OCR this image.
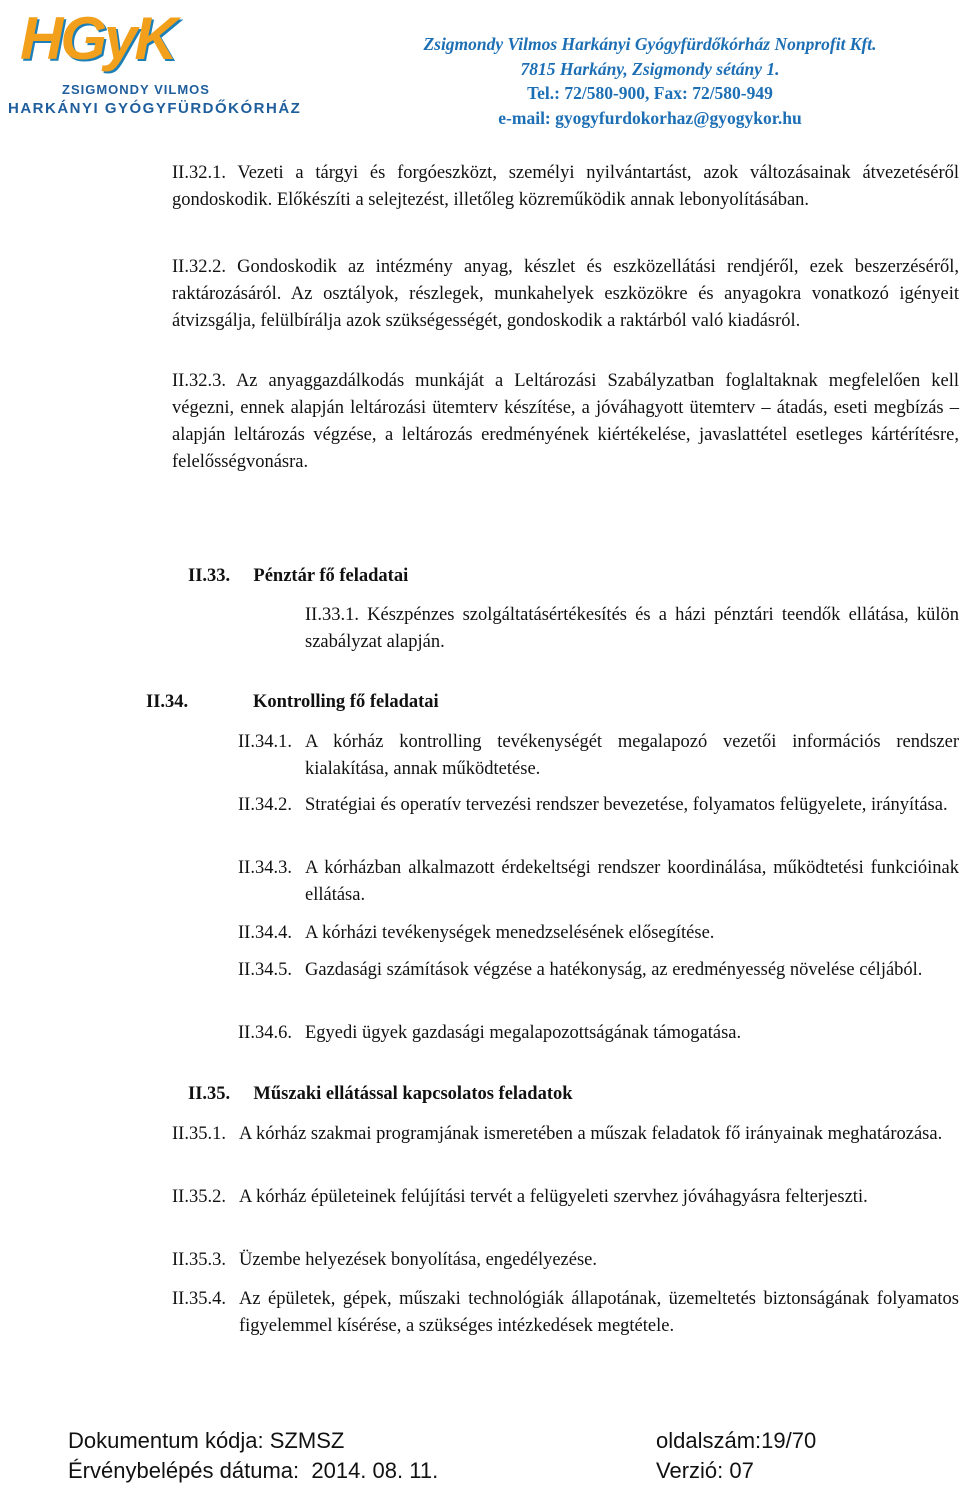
HGyK
ZSIGMONDY VILMOS
HARKÁNYI GYÓGYFÜRDŐKÓRHÁZ
Zsigmondy Vilmos Harkányi Gyógyfürdőkórház Nonprofit Kft.
7815 Harkány, Zsigmondy sétány 1.
Tel.: 72/580-900, Fax: 72/580-949
e-mail: gyogyfurdokorhaz@gyogykor.hu
II.32.1. Vezeti a tárgyi és forgóeszközt, személyi nyilvántartást, azok változásainak átvezetéséről gondoskodik. Előkészíti a selejtezést, illetőleg közreműködik annak lebonyolításában.
II.32.2. Gondoskodik az intézmény anyag, készlet és eszközellátási rendjéről, ezek beszerzéséről, raktározásáról. Az osztályok, részlegek, munkahelyek eszközökre és anyagokra vonatkozó igényeit átvizsgálja, felülbírálja azok szükségességét, gondoskodik a raktárból való kiadásról.
II.32.3. Az anyaggazdálkodás munkáját a Leltározási Szabályzatban foglaltaknak megfelelően kell végezni, ennek alapján leltározási ütemterv készítése, a jóváhagyott ütemterv – átadás, eseti megbízás – alapján leltározás végzése, a leltározás eredményének kiértékelése, javaslattétel esetleges kártérítésre, felelősségvonásra.
II.33. Pénztár fő feladatai
II.33.1. Készpénzes szolgáltatásértékesítés és a házi pénztári teendők ellátása, külön szabályzat alapján.
II.34.	Kontrolling fő feladatai
II.34.1. A kórház kontrolling tevékenységét megalapozó vezetői információs rendszer kialakítása, annak működtetése.
II.34.2. Stratégiai és operatív tervezési rendszer bevezetése, folyamatos felügyelete, irányítása.
II.34.3. A kórházban alkalmazott érdekeltségi rendszer koordinálása, működtetési funkcióinak ellátása.
II.34.4. A kórházi tevékenységek menedzselésének elősegítése.
II.34.5. Gazdasági számítások végzése a hatékonyság, az eredményesség növelése céljából.
II.34.6. Egyedi ügyek gazdasági megalapozottságának támogatása.
II.35. Műszaki ellátással kapcsolatos feladatok
II.35.1. A kórház szakmai programjának ismeretében a műszak feladatok fő irányainak meghatározása.
II.35.2. A kórház épületeinek felújítási tervét a felügyeleti szervhez jóváhagyásra felterjeszti.
II.35.3. Üzembe helyezések bonyolítása, engedélyezése.
II.35.4. Az épületek, gépek, műszaki technológiák állapotának, üzemeltetés biztonságának folyamatos figyelemmel kísérése, a szükséges intézkedések megtétele.
Dokumentum kódja: SZMSZ	oldalszám:19/70
Érvénybelépés dátuma:  2014. 08. 11.	Verzió: 07
